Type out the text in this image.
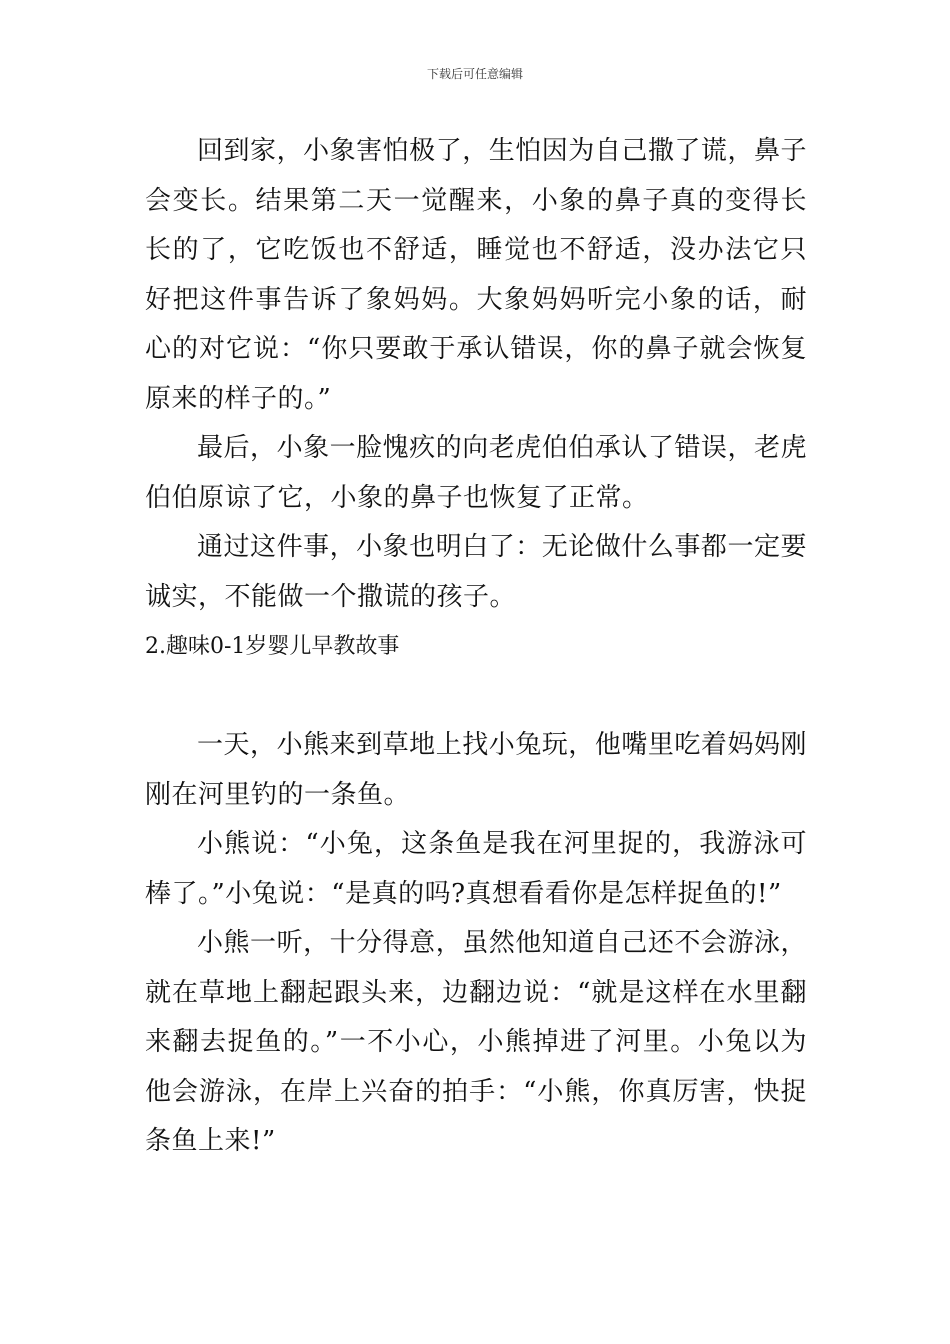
下载后可任意编辑

回到家，小象害怕极了，生怕因为自己撒了谎，鼻子会变长。结果第二天一觉醒来，小象的鼻子真的变得长长的了，它吃饭也不舒适，睡觉也不舒适，没办法它只好把这件事告诉了象妈妈。大象妈妈听完小象的话，耐心的对它说：“你只要敢于承认错误，你的鼻子就会恢复原来的样子的。”

最后，小象一脸愧疚的向老虎伯伯承认了错误，老虎伯伯原谅了它，小象的鼻子也恢复了正常。

通过这件事，小象也明白了：无论做什么事都一定要诚实，不能做一个撒谎的孩子。

2.趣味0-1岁婴儿早教故事

一天，小熊来到草地上找小兔玩，他嘴里吃着妈妈刚刚在河里钓的一条鱼。

小熊说：“小兔，这条鱼是我在河里捉的，我游泳可棒了。”小兔说：“是真的吗?真想看看你是怎样捉鱼的!”

小熊一听，十分得意，虽然他知道自己还不会游泳，就在草地上翻起跟头来，边翻边说：“就是这样在水里翻来翻去捉鱼的。”一不小心，小熊掉进了河里。小兔以为他会游泳，在岸上兴奋的拍手：“小熊，你真厉害，快捉条鱼上来!”
